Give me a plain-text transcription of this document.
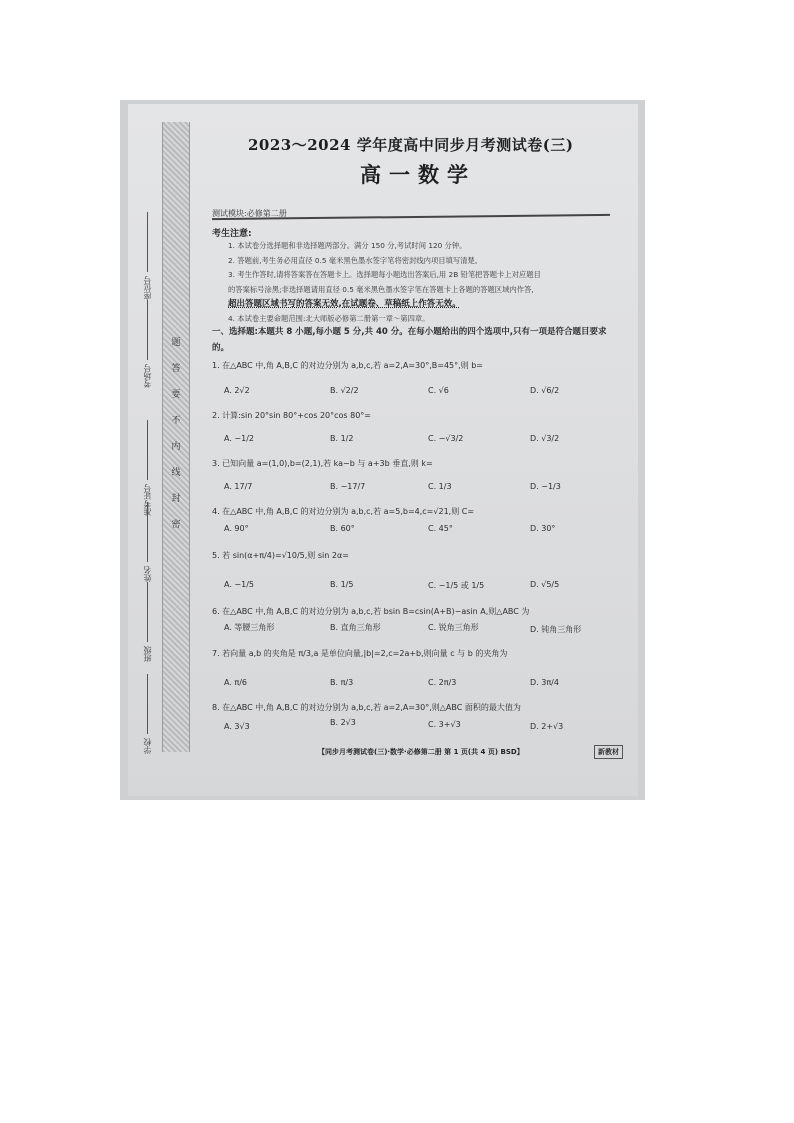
题
答
要
不
内
线
封
密
座位号
考场号
准考证号
姓名
班级
学校
2023～2024 学年度高中同步月考测试卷(三)
高一数学
测试模块:必修第二册
考生注意:
1. 本试卷分选择题和非选择题两部分。满分 150 分,考试时间 120 分钟。
2. 答题前,考生务必用直径 0.5 毫米黑色墨水签字笔将密封线内项目填写清楚。
3. 考生作答时,请将答案答在答题卡上。选择题每小题选出答案后,用 2B 铅笔把答题卡上对应题目
的答案标号涂黑;非选择题请用直径 0.5 毫米黑色墨水签字笔在答题卡上各题的答题区域内作答,
超出答题区域书写的答案无效,在试题卷、草稿纸上作答无效。
4. 本试卷主要命题范围:北大师版必修第二册第一章～第四章。
一、选择题:本题共 8 小题,每小题 5 分,共 40 分。在每小题给出的四个选项中,只有一项是符合题目要求的。
1. 在△ABC 中,角 A,B,C 的对边分别为 a,b,c,若 a=2,A=30°,B=45°,则 b=
A. 2√2	B. √2/2	C. √6	D. √6/2
2. 计算:sin 20°sin 80°+cos 20°cos 80°=
A. −1/2	B. 1/2	C. −√3/2	D. √3/2
3. 已知向量 a=(1,0),b=(2,1),若 ka−b 与 a+3b 垂直,则 k=
A. 17/7	B. −17/7	C. 1/3	D. −1/3
4. 在△ABC 中,角 A,B,C 的对边分别为 a,b,c,若 a=5,b=4,c=√21,则 C=
A. 90°	B. 60°	C. 45°	D. 30°
5. 若 sin(α+π/4)=√10/5,则 sin 2α=
A. −1/5	B. 1/5	C. −1/5 或 1/5	D. √5/5
6. 在△ABC 中,角 A,B,C 的对边分别为 a,b,c,若 bsin B=csin(A+B)−asin A,则△ABC 为
A. 等腰三角形	B. 直角三角形	C. 锐角三角形	D. 钝角三角形
7. 若向量 a,b 的夹角是 π/3,a 是单位向量,|b|=2,c=2a+b,则向量 c 与 b 的夹角为
A. π/6	B. π/3	C. 2π/3	D. 3π/4
8. 在△ABC 中,角 A,B,C 的对边分别为 a,b,c,若 a=2,A=30°,则△ABC 面积的最大值为
A. 3√3	B. 2√3	C. 3+√3	D. 2+√3
【同步月考测试卷(三)·数学·必修第二册 第 1 页(共 4 页) BSD】	新教材
